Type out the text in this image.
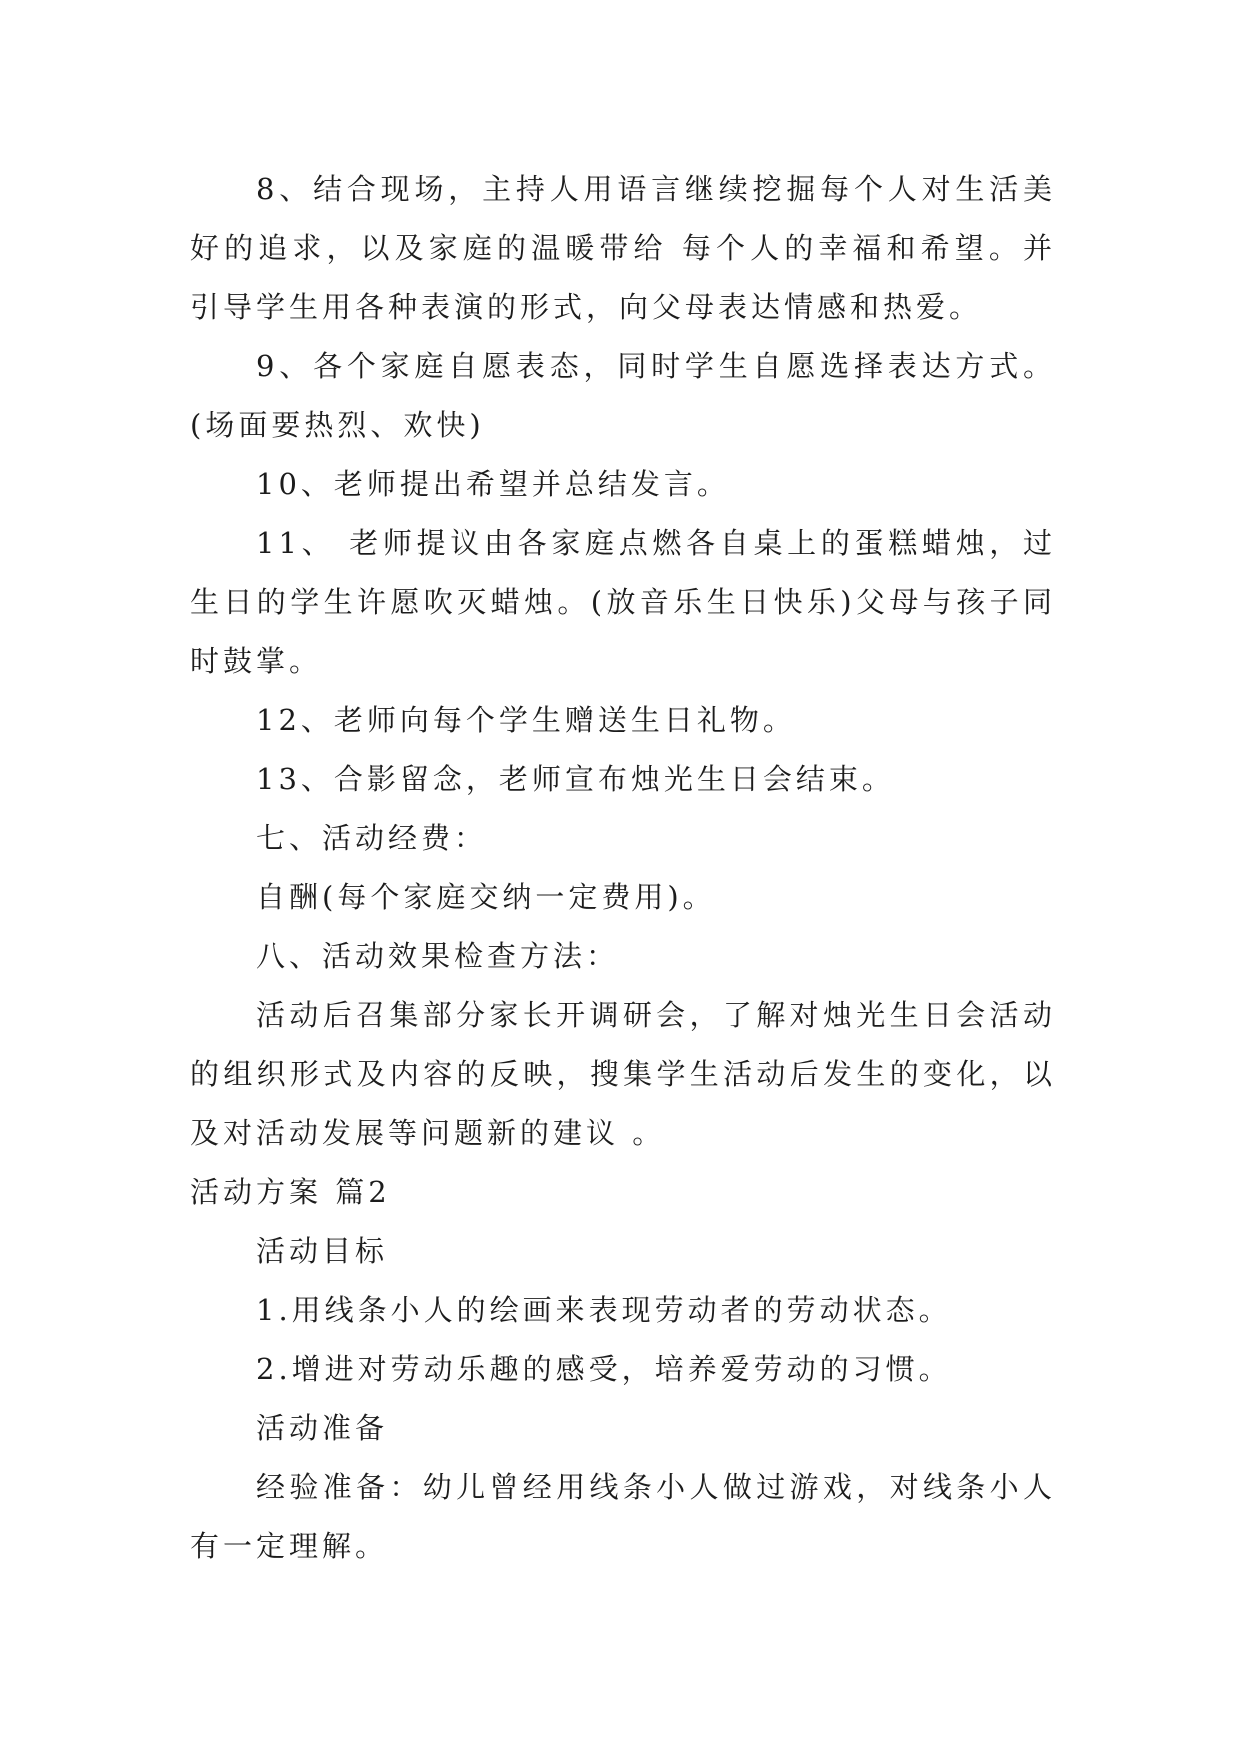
8、结合现场，主持人用语言继续挖掘每个人对生活美好的追求，以及家庭的温暖带给 每个人的幸福和希望。并引导学生用各种表演的形式，向父母表达情感和热爱。

9、各个家庭自愿表态，同时学生自愿选择表达方式。(场面要热烈、欢快)

10、老师提出希望并总结发言。

11、 老师提议由各家庭点燃各自桌上的蛋糕蜡烛，过生日的学生许愿吹灭蜡烛。(放音乐生日快乐)父母与孩子同时鼓掌。

12、老师向每个学生赠送生日礼物。

13、合影留念，老师宣布烛光生日会结束。

七、活动经费：

自酬(每个家庭交纳一定费用)。

八、活动效果检查方法：

活动后召集部分家长开调研会，了解对烛光生日会活动的组织形式及内容的反映，搜集学生活动后发生的变化，以及对活动发展等问题新的建议 。

活动方案 篇2

活动目标

1.用线条小人的绘画来表现劳动者的劳动状态。

2.增进对劳动乐趣的感受，培养爱劳动的习惯。

活动准备

经验准备：幼儿曾经用线条小人做过游戏，对线条小人有一定理解。
